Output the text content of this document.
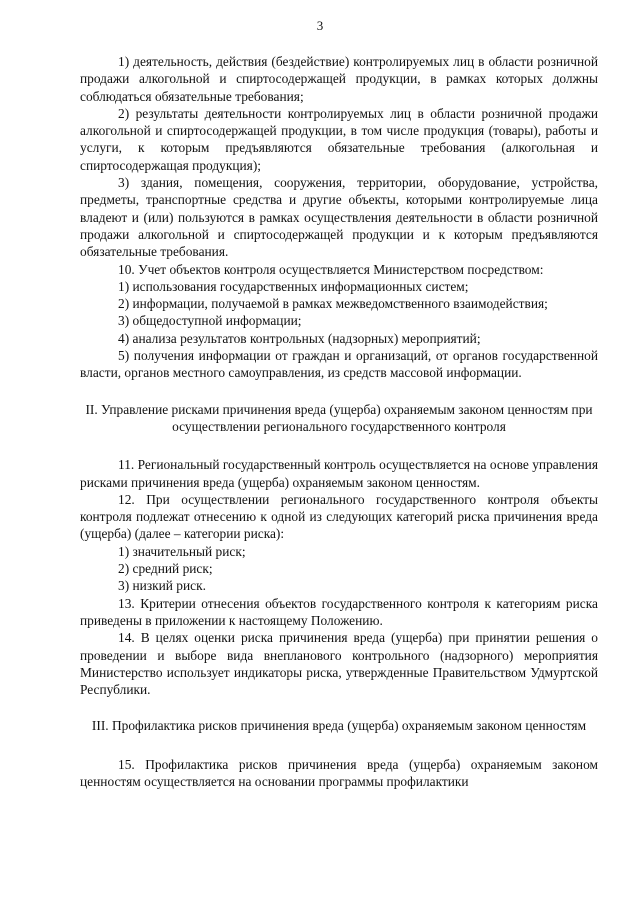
3

1) деятельность, действия (бездействие) контролируемых лиц в области розничной продажи алкогольной и спиртосодержащей продукции, в рамках которых должны соблюдаться обязательные требования;

2) результаты деятельности контролируемых лиц в области розничной продажи алкогольной и спиртосодержащей продукции, в том числе продукция (товары), работы и услуги, к которым предъявляются обязательные требования (алкогольная и спиртосодержащая продукция);

3) здания, помещения, сооружения, территории, оборудование, устройства, предметы, транспортные средства и другие объекты, которыми контролируемые лица владеют и (или) пользуются в рамках осуществления деятельности в области розничной продажи алкогольной и спиртосодержащей продукции и к которым предъявляются обязательные требования.

10. Учет объектов контроля осуществляется Министерством посредством:

1) использования государственных информационных систем;

2) информации, получаемой в рамках межведомственного взаимодействия;

3) общедоступной информации;

4) анализа результатов контрольных (надзорных) мероприятий;

5) получения информации от граждан и организаций, от органов государственной власти, органов местного самоуправления, из средств массовой информации.

II. Управление рисками причинения вреда (ущерба) охраняемым законом ценностям при осуществлении регионального государственного контроля

11. Региональный государственный контроль осуществляется на основе управления рисками причинения вреда (ущерба) охраняемым законом ценностям.

12. При осуществлении регионального государственного контроля объекты контроля подлежат отнесению к одной из следующих категорий риска причинения вреда (ущерба) (далее – категории риска):

1) значительный риск;

2) средний риск;

3) низкий риск.

13. Критерии отнесения объектов государственного контроля к категориям риска приведены в приложении к настоящему Положению.

14. В целях оценки риска причинения вреда (ущерба) при принятии решения о проведении и выборе вида внепланового контрольного (надзорного) мероприятия Министерство использует индикаторы риска, утвержденные Правительством Удмуртской Республики.

III. Профилактика рисков причинения вреда (ущерба) охраняемым законом ценностям

15. Профилактика рисков причинения вреда (ущерба) охраняемым законом ценностям осуществляется на основании программы профилактики
